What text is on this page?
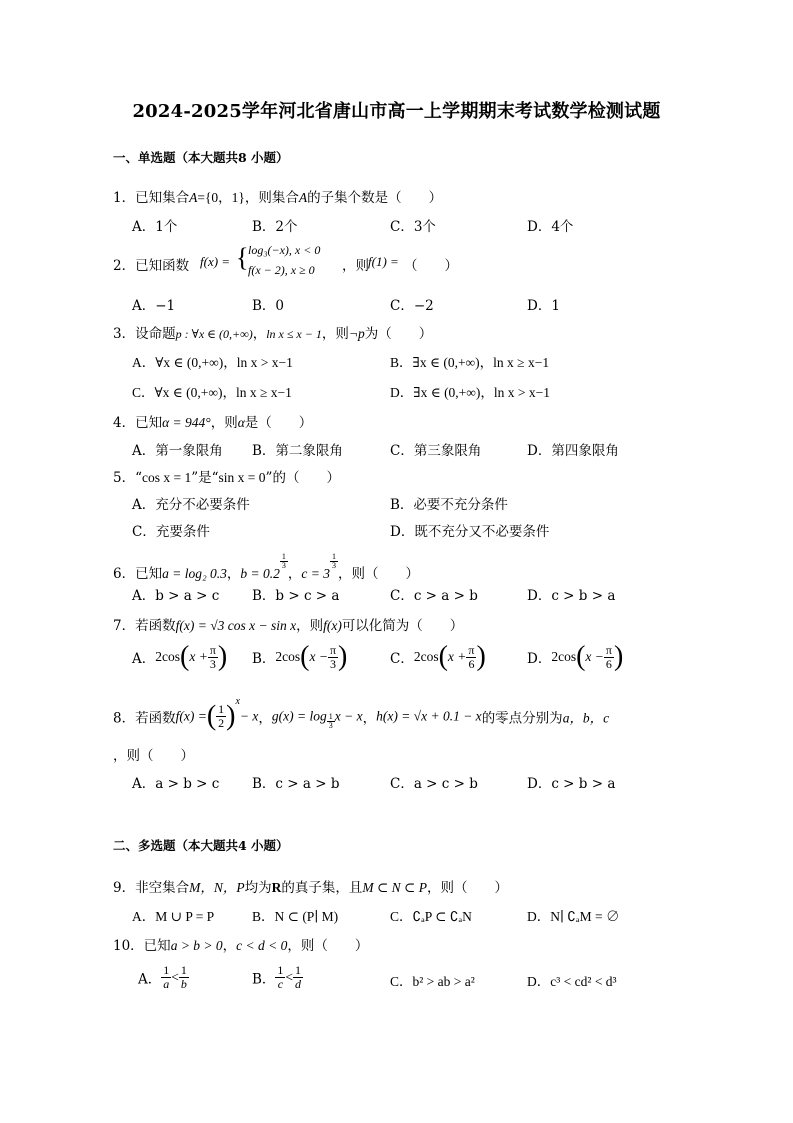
2024-2025学年河北省唐山市高一上学期期末考试数学检测试题
一、单选题（本大题共8 小题）
1．已知集合A={0，1}，则集合A的子集个数是（　　）
A．1个	B．2个	C．3个	D．4个
2．已知函数 f(x) = { log₃(−x), x < 0
f(x − 2), x ≥ 0 ，则 f(1) = （　　）
A．−1	B．0	C．−2	D．1
3．设命题p : ∀x ∈ (0,+∞)，ln x ≤ x − 1，则¬p为（　　）
A．∀x ∈ (0,+∞)，ln x > x−1	B．∃x ∈ (0,+∞)，ln x ≥ x−1
C．∀x ∈ (0,+∞)，ln x ≥ x−1	D．∃x ∈ (0,+∞)，ln x > x−1
4．已知α = 944°，则α是（　　）
A．第一象限角 B．第二象限角	C．第三象限角	D．第四象限角
5．“cos x = 1”是“sin x = 0”的（　　）
A．充分不必要条件	B．必要不充分条件
C．充要条件	D．既不充分又不必要条件
6．已知a = log₂ 0.3，b = 0.2
$^{\frac{1}{3}}$
，c = 3
$^{\frac{1}{3}}$
，则（　　）
A．b > a > c B．b > c > a	C．c > a > b	D．c > b > a
7．若函数f(x) = √3 cos x − sin x，则f(x)可以化简为（　　）
A．$2\cos(x + \frac{\pi}{3}$ ) B．$2\cos(x - \frac{\pi}{3}$ )	C．$2\cos(x + \frac{\pi}{6}$ )	D．$2\cos(x - \frac{\pi}{6}$ )
8．若函数f(x) =( $\frac{1}{2} )^x- x$，$g(x) = \log \frac{1}{3}$ x − x，h(x) = √x + 0.1 − x的零点分别为a，b，c
，则（　　）
A．a > b > c B．c > a > b	C．a > c > b	D．c > b > a
二、多选题（本大题共4 小题）
9．非空集合M，N，P均为R的真子集，且M ⊂ N ⊂ P，则（　　）
A．M ∪ P = P	B．N ⊂ (P∣ M)	C．∁ₐP ⊂ ∁ₐN	D．N∣ ∁ₐM = ∅
10．已知a > b > 0，c < d < 0，则（　　）
A． $\frac{1}{a} < \frac{1}{b}$	B． $\frac{1}{c} < \frac{1}{d}$	C．b² > ab > a²	D．c³ < cd² < d³
